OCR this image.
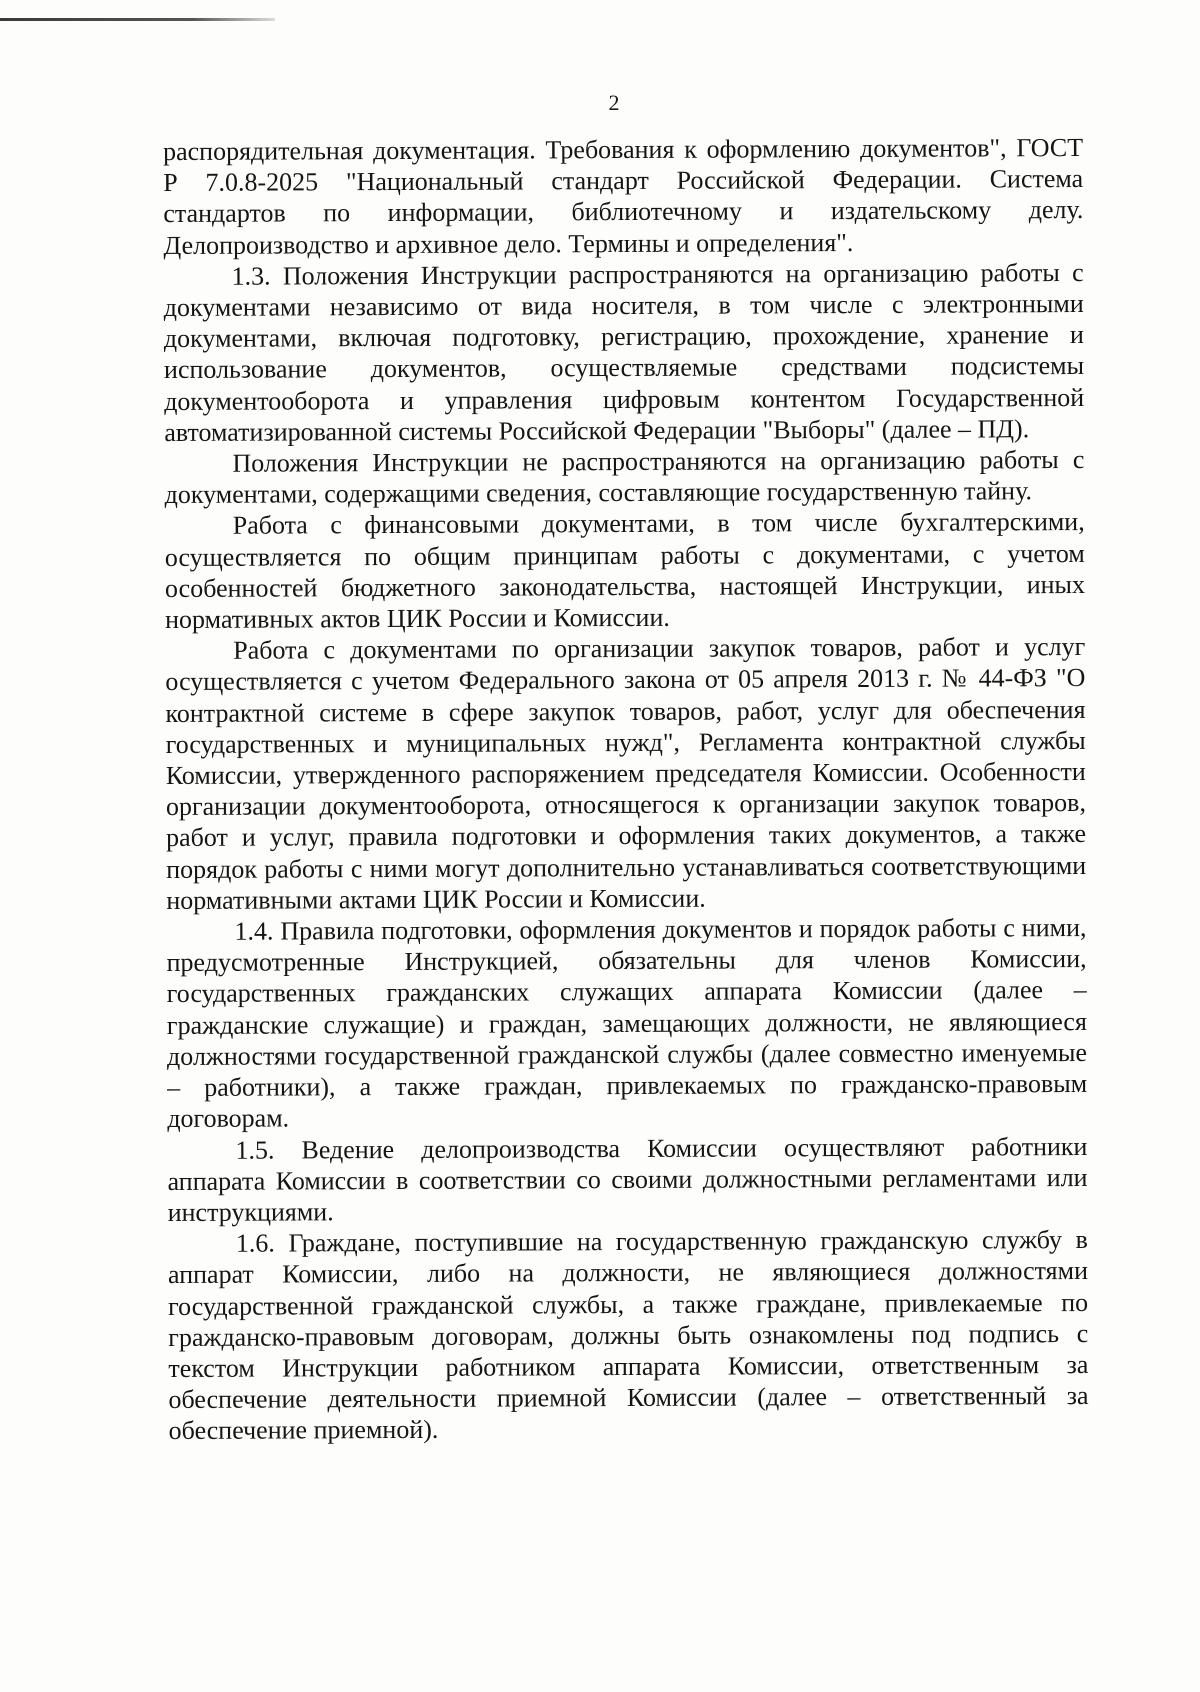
2

распорядительная документация. Требования к оформлению документов", ГОСТ Р 7.0.8-2025 "Национальный стандарт Российской Федерации. Система стандартов по информации, библиотечному и издательскому делу. Делопроизводство и архивное дело. Термины и определения".

1.3. Положения Инструкции распространяются на организацию работы с документами независимо от вида носителя, в том числе с электронными документами, включая подготовку, регистрацию, прохождение, хранение и использование документов, осуществляемые средствами подсистемы документооборота и управления цифровым контентом Государственной автоматизированной системы Российской Федерации "Выборы" (далее – ПД).

Положения Инструкции не распространяются на организацию работы с документами, содержащими сведения, составляющие государственную тайну.

Работа с финансовыми документами, в том числе бухгалтерскими, осуществляется по общим принципам работы с документами, с учетом особенностей бюджетного законодательства, настоящей Инструкции, иных нормативных актов ЦИК России и Комиссии.

Работа с документами по организации закупок товаров, работ и услуг осуществляется с учетом Федерального закона от 05 апреля 2013 г. № 44-ФЗ "О контрактной системе в сфере закупок товаров, работ, услуг для обеспечения государственных и муниципальных нужд", Регламента контрактной службы Комиссии, утвержденного распоряжением председателя Комиссии. Особенности организации документооборота, относящегося к организации закупок товаров, работ и услуг, правила подготовки и оформления таких документов, а также порядок работы с ними могут дополнительно устанавливаться соответствующими нормативными актами ЦИК России и Комиссии.

1.4. Правила подготовки, оформления документов и порядок работы с ними, предусмотренные Инструкцией, обязательны для членов Комиссии, государственных гражданских служащих аппарата Комиссии (далее – гражданские служащие) и граждан, замещающих должности, не являющиеся должностями государственной гражданской службы (далее совместно именуемые – работники), а также граждан, привлекаемых по гражданско-правовым договорам.

1.5. Ведение делопроизводства Комиссии осуществляют работники аппарата Комиссии в соответствии со своими должностными регламентами или инструкциями.

1.6. Граждане, поступившие на государственную гражданскую службу в аппарат Комиссии, либо на должности, не являющиеся должностями государственной гражданской службы, а также граждане, привлекаемые по гражданско-правовым договорам, должны быть ознакомлены под подпись с текстом Инструкции работником аппарата Комиссии, ответственным за обеспечение деятельности приемной Комиссии (далее – ответственный за обеспечение приемной).
